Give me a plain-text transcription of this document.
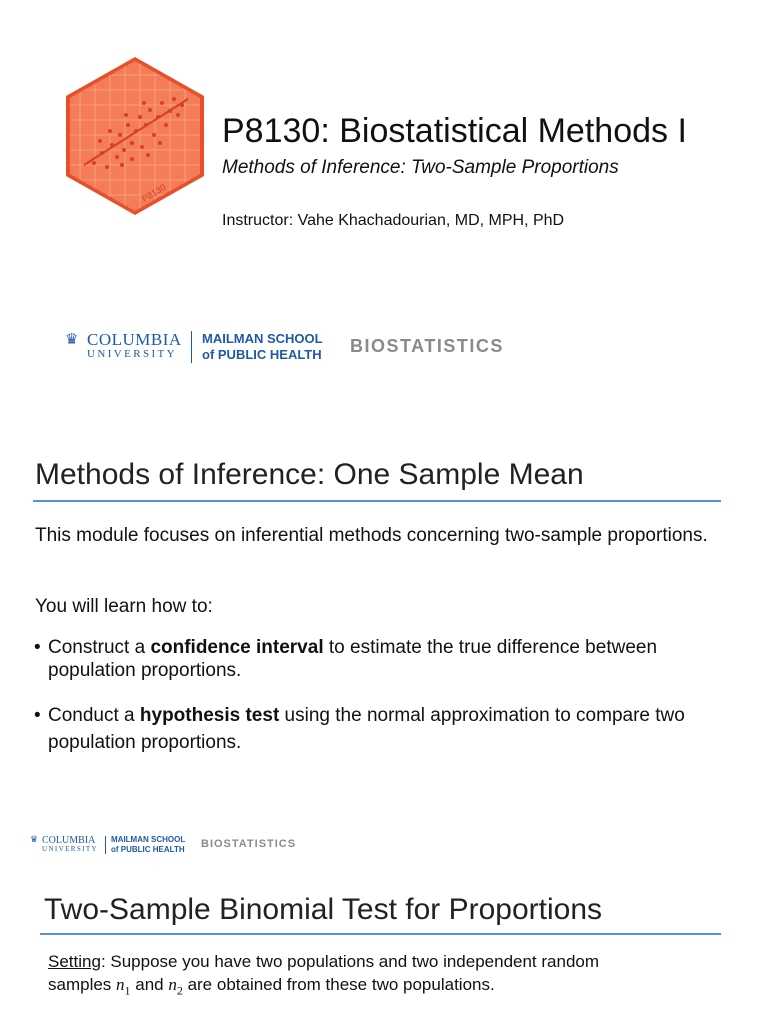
P8130
P8130: Biostatistical Methods I
Methods of Inference: Two-Sample Proportions
Instructor: Vahe Khachadourian, MD, MPH, PhD
♛ COLUMBIA
UNIVERSITY
MAILMAN SCHOOL
of PUBLIC HEALTH BIOSTATISTICS
Methods of Inference: One Sample Mean
This module focuses on inferential methods concerning two-sample proportions.
You will learn how to:
• Construct a confidence interval to estimate the true difference between population proportions.
• Conduct a hypothesis test using the normal approximation to compare two population proportions.
♛ COLUMBIA
UNIVERSITY
MAILMAN SCHOOL
of PUBLIC HEALTH BIOSTATISTICS
Two-Sample Binomial Test for Proportions
Setting: Suppose you have two populations and two independent random
samples $n_1$ and $n_2$ are obtained from these two populations.
